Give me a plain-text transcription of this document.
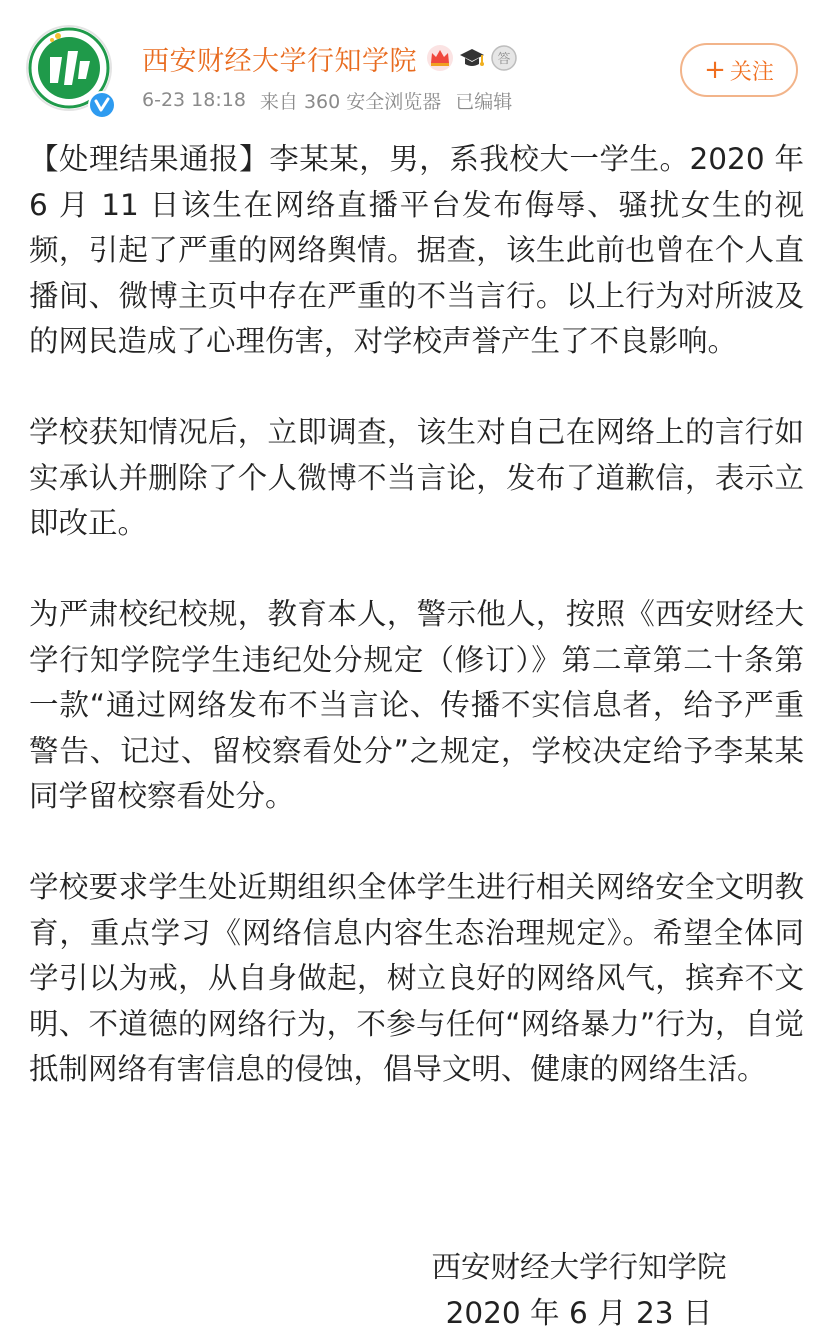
西安财经大学行知学院	答
6-23 18:18 来自 360 安全浏览器 已编辑
+ 关注

【处理结果通报】李某某，男，系我校大一学生。2020 年 6 月 11 日该生在网络直播平台发布侮辱、骚扰女生的视频，引起了严重的网络舆情。据查，该生此前也曾在个人直播间、微博主页中存在严重的不当言行。以上行为对所波及的网民造成了心理伤害，对学校声誉产生了不良影响。

学校获知情况后，立即调查，该生对自己在网络上的言行如实承认并删除了个人微博不当言论，发布了道歉信，表示立即改正。

为严肃校纪校规，教育本人，警示他人，按照《西安财经大学行知学院学生违纪处分规定（修订）》第二章第二十条第一款“通过网络发布不当言论、传播不实信息者，给予严重警告、记过、留校察看处分”之规定，学校决定给予李某某同学留校察看处分。

学校要求学生处近期组织全体学生进行相关网络安全文明教育，重点学习《网络信息内容生态治理规定》。希望全体同学引以为戒，从自身做起，树立良好的网络风气，摈弃不文明、不道德的网络行为，不参与任何“网络暴力”行为，自觉抵制网络有害信息的侵蚀，倡导文明、健康的网络生活。

西安财经大学行知学院
2020 年 6 月 23 日
